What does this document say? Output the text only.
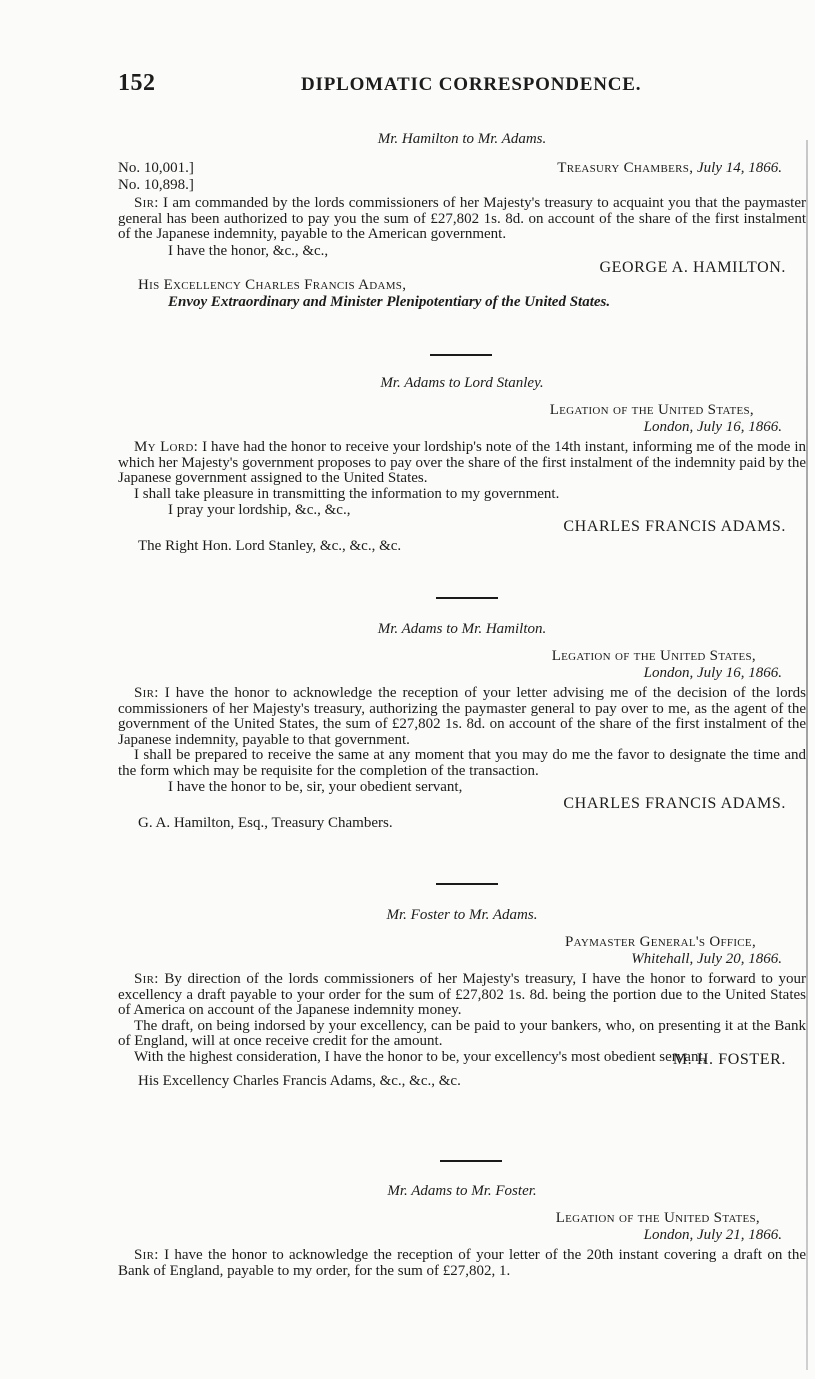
152	DIPLOMATIC CORRESPONDENCE.
Mr. Hamilton to Mr. Adams.
No. 10,001.]	Treasury Chambers, July 14, 1866.
No. 10,898.]

Sir: I am commanded by the lords commissioners of her Majesty's treasury to acquaint you that the paymaster general has been authorized to pay you the sum of £27,802 1s. 8d. on account of the share of the first instalment of the Japanese indemnity, payable to the American government.

I have the honor, &c., &c.,
GEORGE A. HAMILTON.
His Excellency Charles Francis Adams,
Envoy Extraordinary and Minister Plenipotentiary of the United States.
Mr. Adams to Lord Stanley.
Legation of the United States,
London, July 16, 1866.

My Lord: I have had the honor to receive your lordship's note of the 14th instant, informing me of the mode in which her Majesty's government proposes to pay over the share of the first instalment of the indemnity paid by the Japanese government assigned to the United States.

I shall take pleasure in transmitting the information to my government.

I pray your lordship, &c., &c.,
CHARLES FRANCIS ADAMS.
The Right Hon. Lord Stanley, &c., &c., &c.
Mr. Adams to Mr. Hamilton.
Legation of the United States,
London, July 16, 1866.

Sir: I have the honor to acknowledge the reception of your letter advising me of the decision of the lords commissioners of her Majesty's treasury, authorizing the paymaster general to pay over to me, as the agent of the government of the United States, the sum of £27,802 1s. 8d. on account of the share of the first instalment of the Japanese indemnity, payable to that government.

I shall be prepared to receive the same at any moment that you may do me the favor to designate the time and the form which may be requisite for the completion of the transaction.

I have the honor to be, sir, your obedient servant,
CHARLES FRANCIS ADAMS.
G. A. Hamilton, Esq., Treasury Chambers.
Mr. Foster to Mr. Adams.
Paymaster General's Office,
Whitehall, July 20, 1866.

Sir: By direction of the lords commissioners of her Majesty's treasury, I have the honor to forward to your excellency a draft payable to your order for the sum of £27,802 1s. 8d. being the portion due to the United States of America on account of the Japanese indemnity money.

The draft, on being indorsed by your excellency, can be paid to your bankers, who, on presenting it at the Bank of England, will at once receive credit for the amount.

With the highest consideration, I have the honor to be, your excellency's most obedient servant,

M. H. FOSTER.
His Excellency Charles Francis Adams, &c., &c., &c.
Mr. Adams to Mr. Foster.
Legation of the United States,
London, July 21, 1866.

Sir: I have the honor to acknowledge the reception of your letter of the 20th instant covering a draft on the Bank of England, payable to my order, for the sum of £27,802, 1.
